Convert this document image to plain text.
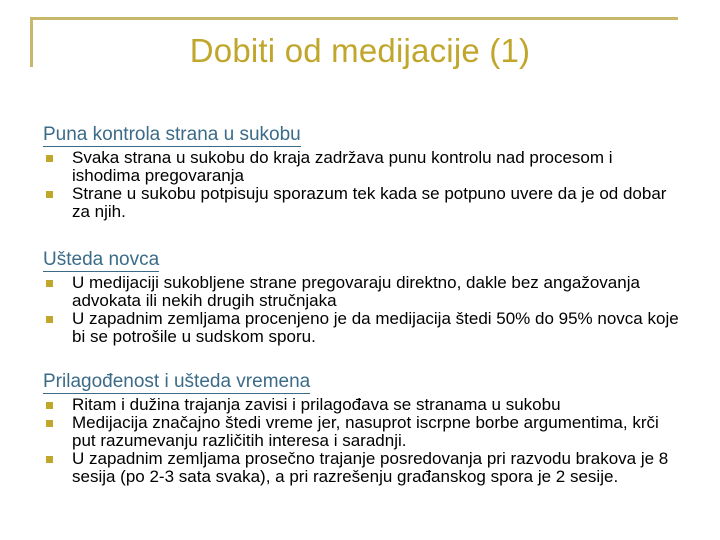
Dobiti od medijacije (1)
Puna kontrola strana u sukobu
Svaka strana u sukobu do kraja zadržava punu kontrolu nad procesom i ishodima pregovaranja
Strane u sukobu potpisuju sporazum tek kada se potpuno uvere da je od dobar za njih.
Ušteda novca
U medijaciji sukobljene strane pregovaraju direktno, dakle bez angažovanja advokata ili nekih drugih stručnjaka
U zapadnim zemljama procenjeno je da medijacija štedi 50% do 95% novca koje bi se potrošile u sudskom sporu.
Prilagođenost i ušteda vremena
Ritam i dužina trajanja zavisi i prilagođava se stranama u sukobu
Medijacija značajno štedi vreme jer, nasuprot iscrpne borbe argumentima, krči put razumevanju različitih interesa i saradnji.
U zapadnim zemljama prosečno trajanje posredovanja pri razvodu brakova je 8 sesija (po 2-3 sata svaka), a pri razrešenju građanskog spora je 2 sesije.
